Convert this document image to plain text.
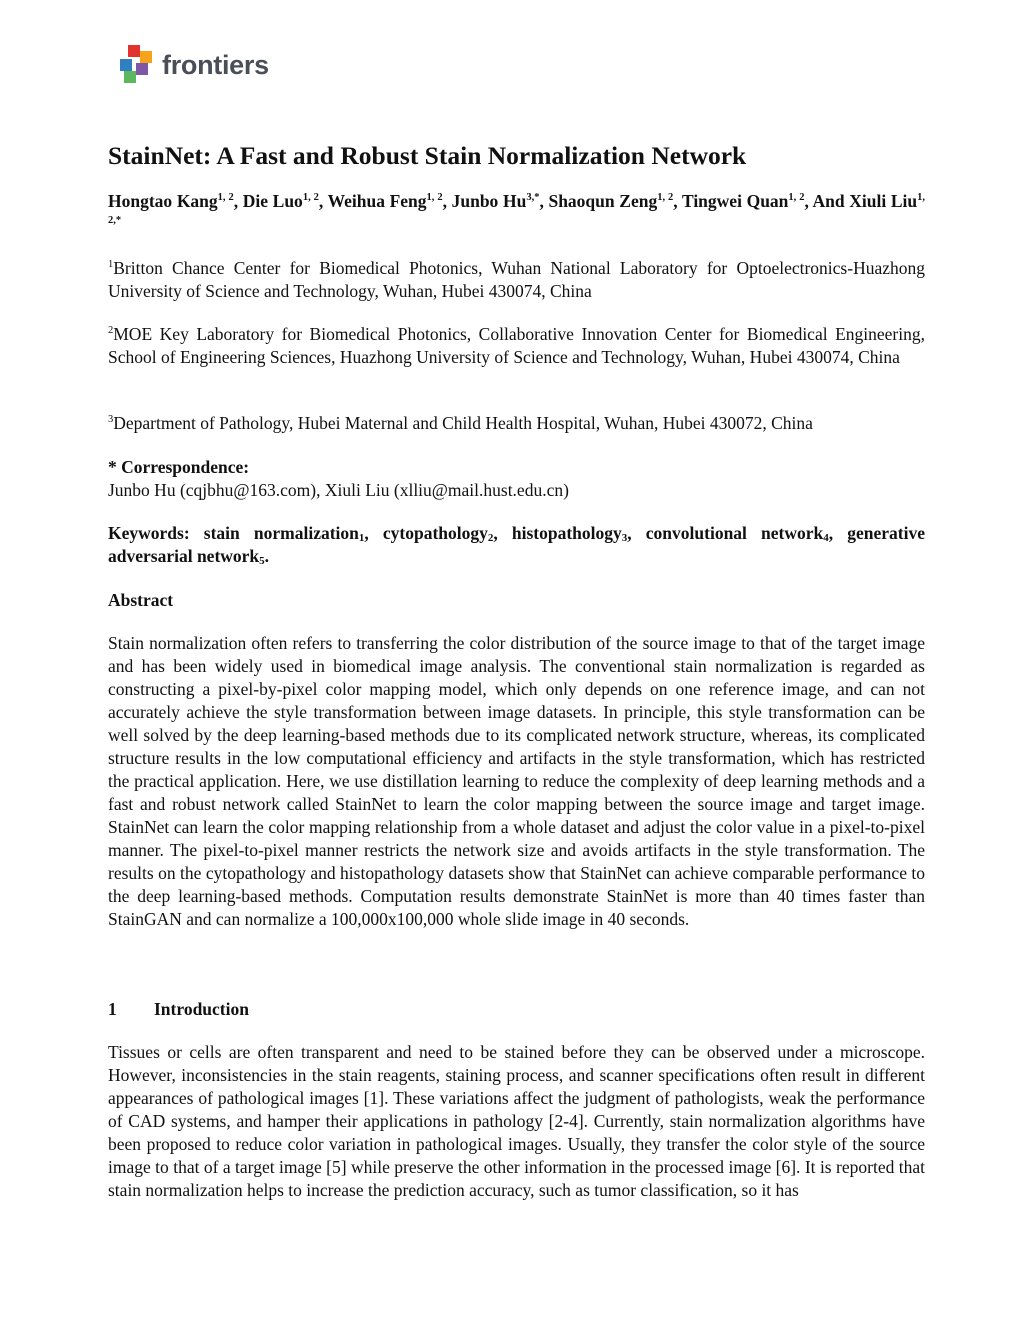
frontiers
StainNet: A Fast and Robust Stain Normalization Network
Hongtao Kang$^{1, 2}$, Die Luo$^{1, 2}$, Weihua Feng$^{1, 2}$, Junbo $Hu^{3,*}$, Shaoqun Zeng$^{1, 2}$, Tingwei Quan$^{1, 2}$, And Xiuli Liu$^{1, 2,*}$

$^1$Britton Chance Center for Biomedical Photonics, Wuhan National Laboratory for Optoelectronics-Huazhong University of Science and Technology, Wuhan, Hubei 430074, China

$^2$MOE Key Laboratory for Biomedical Photonics, Collaborative Innovation Center for Biomedical Engineering, School of Engineering Sciences, Huazhong University of Science and Technology, Wuhan, Hubei 430074, China

$^3$Department of Pathology, Hubei Maternal and Child Health Hospital, Wuhan, Hubei 430072, China

* Correspondence:
Junbo Hu (cqjbhu@163.com), Xiuli Liu (xlliu@mail.hust.edu.cn)

Keywords: stain normalization$_1$, cytopathology$_2$, histopathology$_3$, convolutional network$_4$, generative adversarial network$_5$.

Abstract

Stain normalization often refers to transferring the color distribution of the source image to that of the target image and has been widely used in biomedical image analysis. The conventional stain normalization is regarded as constructing a pixel-by-pixel color mapping model, which only depends on one reference image, and can not accurately achieve the style transformation between image datasets. In principle, this style transformation can be well solved by the deep learning-based methods due to its complicated network structure, whereas, its complicated structure results in the low computational efficiency and artifacts in the style transformation, which has restricted the practical application. Here, we use distillation learning to reduce the complexity of deep learning methods and a fast and robust network called StainNet to learn the color mapping between the source image and target image. StainNet can learn the color mapping relationship from a whole dataset and adjust the color value in a pixel-to-pixel manner. The pixel-to-pixel manner restricts the network size and avoids artifacts in the style transformation. The results on the cytopathology and histopathology datasets show that StainNet can achieve comparable performance to the deep learning-based methods. Computation results demonstrate StainNet is more than 40 times faster than StainGAN and can normalize a 100,000x100,000 whole slide image in 40 seconds.

1 Introduction

Tissues or cells are often transparent and need to be stained before they can be observed under a microscope. However, inconsistencies in the stain reagents, staining process, and scanner specifications often result in different appearances of pathological images [1]. These variations affect the judgment of pathologists, weak the performance of CAD systems, and hamper their applications in pathology [2-4]. Currently, stain normalization algorithms have been proposed to reduce color variation in pathological images. Usually, they transfer the color style of the source image to that of a target image [5] while preserve the other information in the processed image [6]. It is reported that stain normalization helps to increase the prediction accuracy, such as tumor classification, so it has
